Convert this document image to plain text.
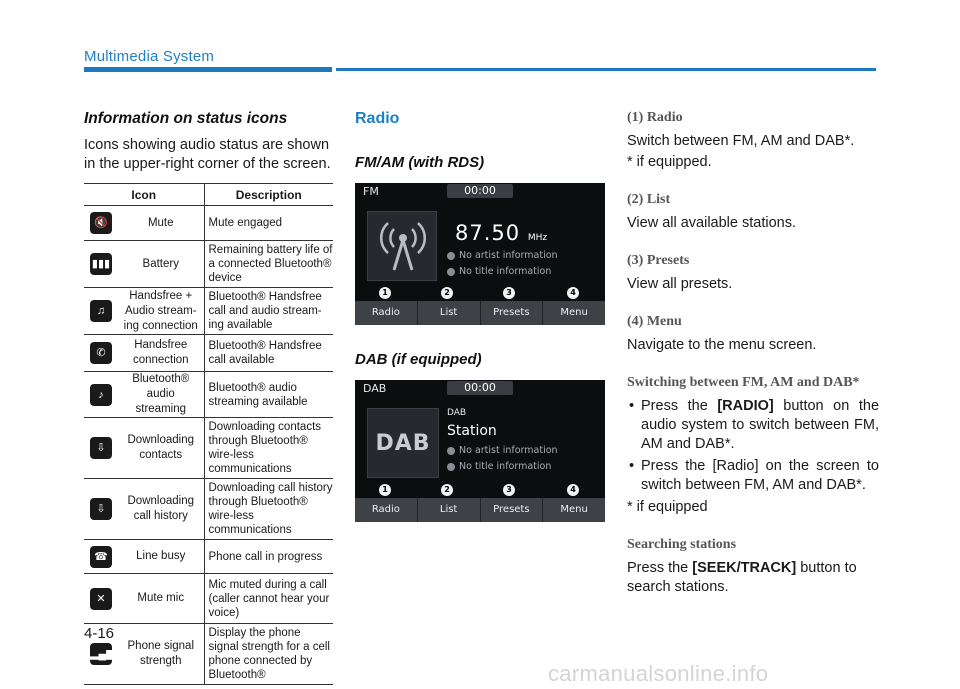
Multimedia System
Information on status icons
Icons showing audio status are shown in the upper-right corner of the screen.
Icon		Description
🔇	Mute	Mute engaged
▮▮▮	Battery	Remaining battery life of a connected Bluetooth® device
♫	Handsfree + Audio stream-ing connection	Bluetooth® Handsfree call and audio stream-ing available
✆	Handsfree connection	Bluetooth® Handsfree call available
♪	Bluetooth® audio streaming	Bluetooth® audio streaming available
⇩	Downloading contacts	Downloading contacts through Bluetooth® wire-less communications
⇩	Downloading call history	Downloading call history through Bluetooth® wire-less communications
☎	Line busy	Phone call in progress
✕	Mute mic	Mic muted during a call (caller cannot hear your voice)
▂▄▆	Phone signal strength	Display the phone signal strength for a cell phone connected by Bluetooth®
Radio
FM/AM (with RDS)
FM	00:00
87.50 MHz
No artist information
No title information
1	2	3	4
Radio	List	Presets	Menu
DAB (if equipped)
DAB	00:00
DAB
DAB
Station
No artist information
No title information
1	2	3	4
Radio	List	Presets	Menu
(1) Radio
Switch between FM, AM and DAB*.
* if equipped.
(2) List
View all available stations.
(3) Presets
View all presets.
(4) Menu
Navigate to the menu screen.
Switching between FM, AM and DAB*
• Press the [RADIO] button on the audio system to switch between FM, AM and DAB*.
• Press the [Radio] on the screen to switch between FM, AM and DAB*.
* if equipped
Searching stations
Press the [SEEK/TRACK] button to search stations.
4-16
carmanualsonline.info
